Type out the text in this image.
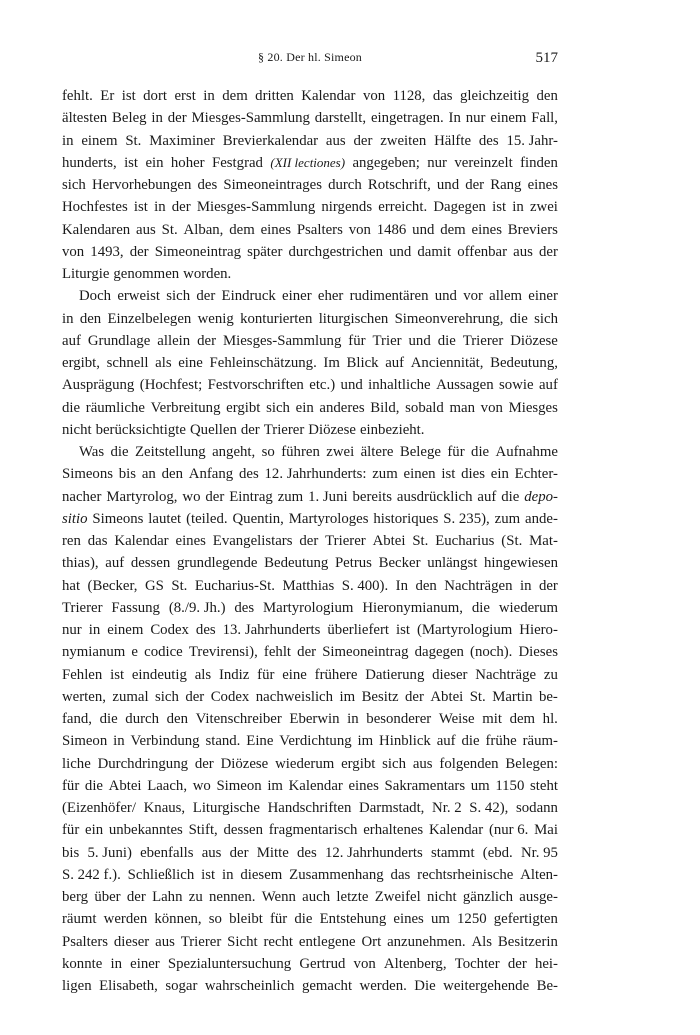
§ 20. Der hl. Simeon	517
fehlt. Er ist dort erst in dem dritten Kalendar von 1128, das gleichzeitig den
ältesten Beleg in der Miesges-Sammlung darstellt, eingetragen. In nur einem Fall,
in einem St. Maximiner Brevierkalendar aus der zweiten Hälfte des 15. Jahr-
hunderts, ist ein hoher Festgrad (XII lectiones) angegeben; nur vereinzelt finden
sich Hervorhebungen des Simeoneintrages durch Rotschrift, und der Rang eines
Hochfestes ist in der Miesges-Sammlung nirgends erreicht. Dagegen ist in zwei
Kalendaren aus St. Alban, dem eines Psalters von 1486 und dem eines Breviers
von 1493, der Simeoneintrag später durchgestrichen und damit offenbar aus der
Liturgie genommen worden.
Doch erweist sich der Eindruck einer eher rudimentären und vor allem einer
in den Einzelbelegen wenig konturierten liturgischen Simeonverehrung, die sich
auf Grundlage allein der Miesges-Sammlung für Trier und die Trierer Diözese
ergibt, schnell als eine Fehleinschätzung. Im Blick auf Anciennität, Bedeutung,
Ausprägung (Hochfest; Festvorschriften etc.) und inhaltliche Aussagen sowie auf
die räumliche Verbreitung ergibt sich ein anderes Bild, sobald man von Miesges
nicht berücksichtigte Quellen der Trierer Diözese einbezieht.
Was die Zeitstellung angeht, so führen zwei ältere Belege für die Aufnahme
Simeons bis an den Anfang des 12. Jahrhunderts: zum einen ist dies ein Echter-
nacher Martyrolog, wo der Eintrag zum 1. Juni bereits ausdrücklich auf die depo-
sitio Simeons lautet (teiled. Quentin, Martyrologes historiques S. 235), zum ande-
ren das Kalendar eines Evangelistars der Trierer Abtei St. Eucharius (St. Mat-
thias), auf dessen grundlegende Bedeutung Petrus Becker unlängst hingewiesen
hat (Becker, GS St. Eucharius-St. Matthias S. 400). In den Nachträgen in der
Trierer Fassung (8./9. Jh.) des Martyrologium Hieronymianum, die wiederum
nur in einem Codex des 13. Jahrhunderts überliefert ist (Martyrologium Hiero-
nymianum e codice Trevirensi), fehlt der Simeoneintrag dagegen (noch). Dieses
Fehlen ist eindeutig als Indiz für eine frühere Datierung dieser Nachträge zu
werten, zumal sich der Codex nachweislich im Besitz der Abtei St. Martin be-
fand, die durch den Vitenschreiber Eberwin in besonderer Weise mit dem hl.
Simeon in Verbindung stand. Eine Verdichtung im Hinblick auf die frühe räum-
liche Durchdringung der Diözese wiederum ergibt sich aus folgenden Belegen:
für die Abtei Laach, wo Simeon im Kalendar eines Sakramentars um 1150 steht
(Eizenhöfer/ Knaus, Liturgische Handschriften Darmstadt, Nr. 2 S. 42), sodann
für ein unbekanntes Stift, dessen fragmentarisch erhaltenes Kalendar (nur 6. Mai
bis 5. Juni) ebenfalls aus der Mitte des 12. Jahrhunderts stammt (ebd. Nr. 95
S. 242 f.). Schließlich ist in diesem Zusammenhang das rechtsrheinische Alten-
berg über der Lahn zu nennen. Wenn auch letzte Zweifel nicht gänzlich ausge-
räumt werden können, so bleibt für die Entstehung eines um 1250 gefertigten
Psalters dieser aus Trierer Sicht recht entlegene Ort anzunehmen. Als Besitzerin
konnte in einer Spezialuntersuchung Gertrud von Altenberg, Tochter der hei-
ligen Elisabeth, sogar wahrscheinlich gemacht werden. Die weitergehende Be-
